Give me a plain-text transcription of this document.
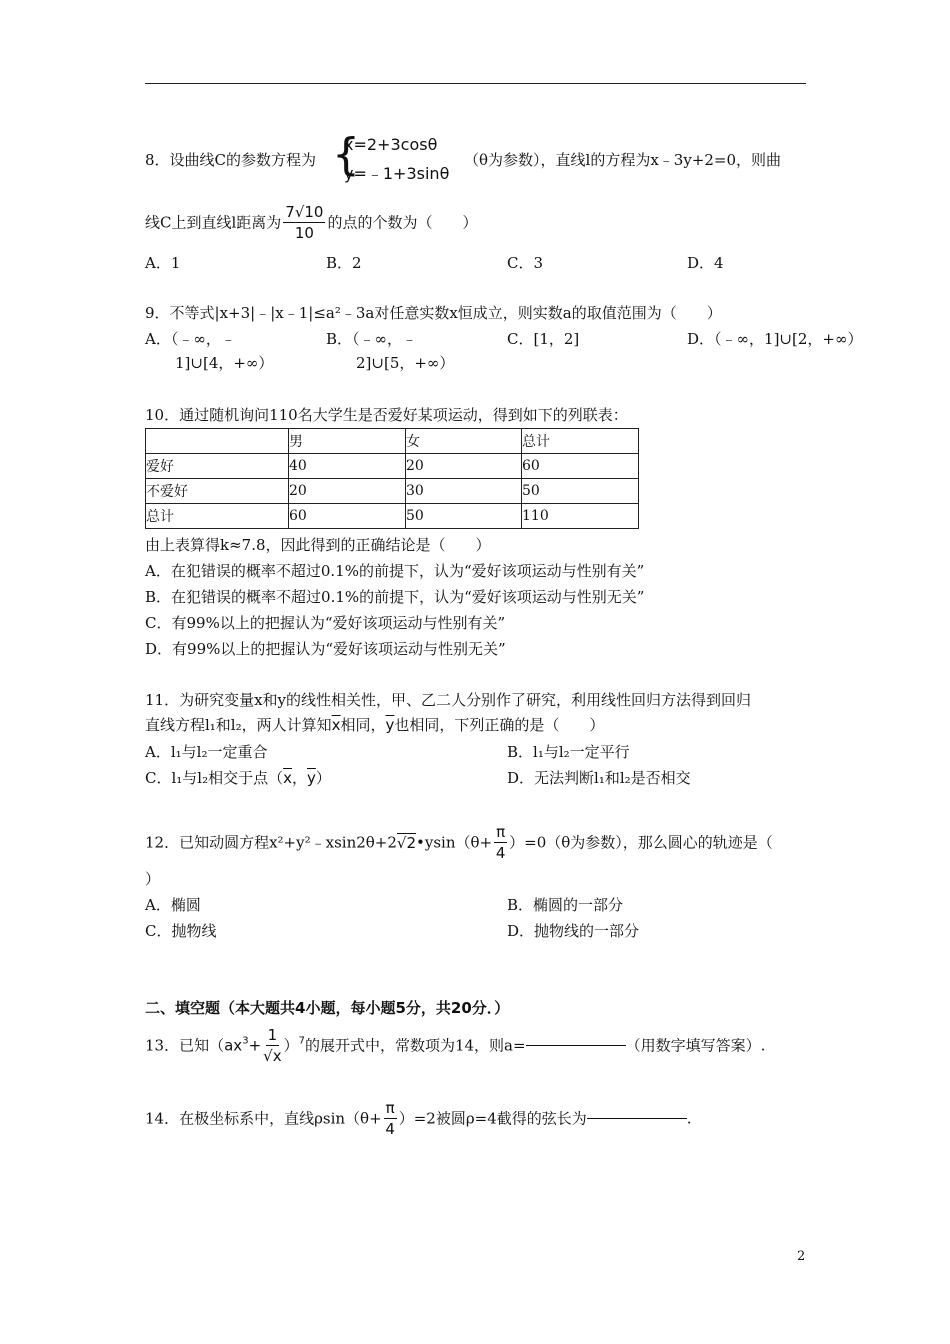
8．设曲线C的参数方程为 {
x=2+3cosθ
y=﹣1+3sinθ
（θ为参数），直线l的方程为x﹣3y+2=0，则曲
线C上到直线l距离为 $\frac{7√10}{10}$ 的点的个数为（　　）
A．1	B．2	C．3	D．4
9．不等式|x+3|﹣|x﹣1|≤a²﹣3a对任意实数x恒成立，则实数a的取值范围为（　　）
A．（﹣∞，﹣	B．（﹣∞，﹣	C．[1，2]	D．（﹣∞，1]∪[2，+∞）
1]∪[4，+∞）	2]∪[5，+∞）
10．通过随机询问110名大学生是否爱好某项运动，得到如下的列联表：
	男	女	总计
爱好	40	20	60
不爱好	20	30	50
总计	60	50	110
由上表算得k≈7.8，因此得到的正确结论是（　　）
A．在犯错误的概率不超过0.1%的前提下，认为“爱好该项运动与性别有关”
B．在犯错误的概率不超过0.1%的前提下，认为“爱好该项运动与性别无关”
C．有99%以上的把握认为“爱好该项运动与性别有关”
D．有99%以上的把握认为“爱好该项运动与性别无关”
11．为研究变量x和y的线性相关性，甲、乙二人分别作了研究，利用线性回归方法得到回归
直线方程l₁和l₂，两人计算知$\overline{x}$相同，$\overline{y}$也相同，下列正确的是（　　）
A．l₁与l₂一定重合	B．l₁与l₂一定平行
C．l₁与l₂相交于点（$\overline{x}$，$\overline{y}$）	D．无法判断l₁和l₂是否相交
12．已知动圆方程x²+y²﹣xsin2θ+2√2•ysin（θ+ $\frac{\pi}{4} )=0(\theta$为参数），那么圆心的轨迹是（
）
A．椭圆	B．椭圆的一部分
C．抛物线	D．抛物线的一部分
二、填空题（本大题共4小题，每小题5分，共20分．）
13．已知$(ax^3+ \frac{1}{√x} )^7$的展开式中，常数项为14，则a=	（用数字填写答案）.
14．在极坐标系中，直线$\rho\sin(\theta+ \frac{\pi}{4} )=2$被圆ρ=4截得的弦长为	.
2
